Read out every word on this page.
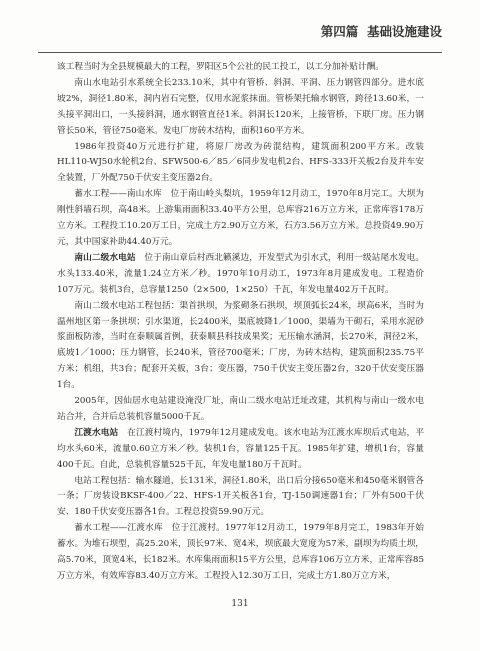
第四篇 基础设施建设

该工程当时为全县规模最大的工程，罗阳区5个公社的民工投工，以工分加补贴计酬。

南山水电站引水系统全长233.10米，其中有管桥、斜洞、平洞、压力钢管四部分。进水底坡2%，洞径1.80米，洞内岩石完整，仅用水泥浆抹面。管桥架托输水钢管，跨径13.60米，一头接平洞出口，一头接斜洞，通水钢管直径1米。斜洞长120米，上接管桥，下联厂房。压力钢管长50米，管径750毫米。发电厂房砖木结构，面积160平方米。

1986年投资40万元进行扩建，将原厂房改为砖混结构，建筑面积200平方米。改装HL110-WJ50水轮机2台、SFW500-6／85／6同步发电机2台、HFS-333开关板2台及并车安全装置，厂外配750千伏安主变压器2台。

蓄水工程——南山水库　位于南山岭头梨坑，1959年12月动工，1970年8月完工。大坝为刚性斜墙石坝，高48米。上游集雨面积33.40平方公里，总库容216万立方米，正常库容178万立方米。工程投工10.20万工日，完成土方2.90万立方米，石方3.56万立方米。总投资49.90万元，其中国家补助44.40万元。

南山二级水电站　 位于南山章后村西北籁溪边，开发型式为引水式，利用一级站尾水发电。水头133.40米，流量1.24立方米／秒。1970年10月动工，1973年8月建成发电。工程造价107万元。装机3台，总容量1250（2×500，1×250）千瓦，年发电量402万千瓦时。

南山二级水电站工程包括：渠首拱坝，为浆砌条石拱坝，坝顶弧长24米，坝高6米，当时为温州地区第一条拱坝；引水渠道，长2400米，渠底坡降1／1000，渠墙为干砌石，采用水泥砂浆面板防渗，当时在泰顺属首例，获泰顺县科技成果奖；无压输水涵洞，长270米，洞径2米，底坡1／1000；压力钢管，长240米，管径700毫米；厂房，为砖木结构，建筑面积235.75平方米；机组，共3台；配套开关板，3台；变压器，750千伏安主变压器2台，320千伏安变压器1台。

2005年，因仙居水电站建设淹没厂址，南山二级水电站迁址改建，其机构与南山一级水电站合并，合并后总装机容量5000千瓦。

江渡水电站　 在江渡村境内，1979年12月建成发电。该水电站为江渡水库坝后式电站，平均水头60米，流量0.60立方米／秒。装机1台，容量125千瓦。1985年扩建，增机1台，容量400千瓦。自此，总装机容量525千瓦，年发电量180万千瓦时。

电站工程包括：输水隧道，长131米，洞径1.80米，出口后分接650毫米和450毫米钢管各一条；厂房装设BKSF-400／22、HFS-1开关板各1台，TJ-150调速器1台；厂外有500千伏安、180千伏安变压器各1台。工程总投资59.90万元。

蓄水工程——江渡水库　位于江渡村。1977年12月动工，1979年8月完工，1983年开始蓄水。为堆石坝型，高25.20米，顶长97米、宽4米，坝底最大宽度为57米，副坝为均质土坝，高5.70米，顶宽4米，长182米。水库集雨面积15平方公里，总库容106万立方米，正常库容85万立方米，有效库容83.40万立方米。工程投入12.30万工日，完成土方1.80万立方米，

131
